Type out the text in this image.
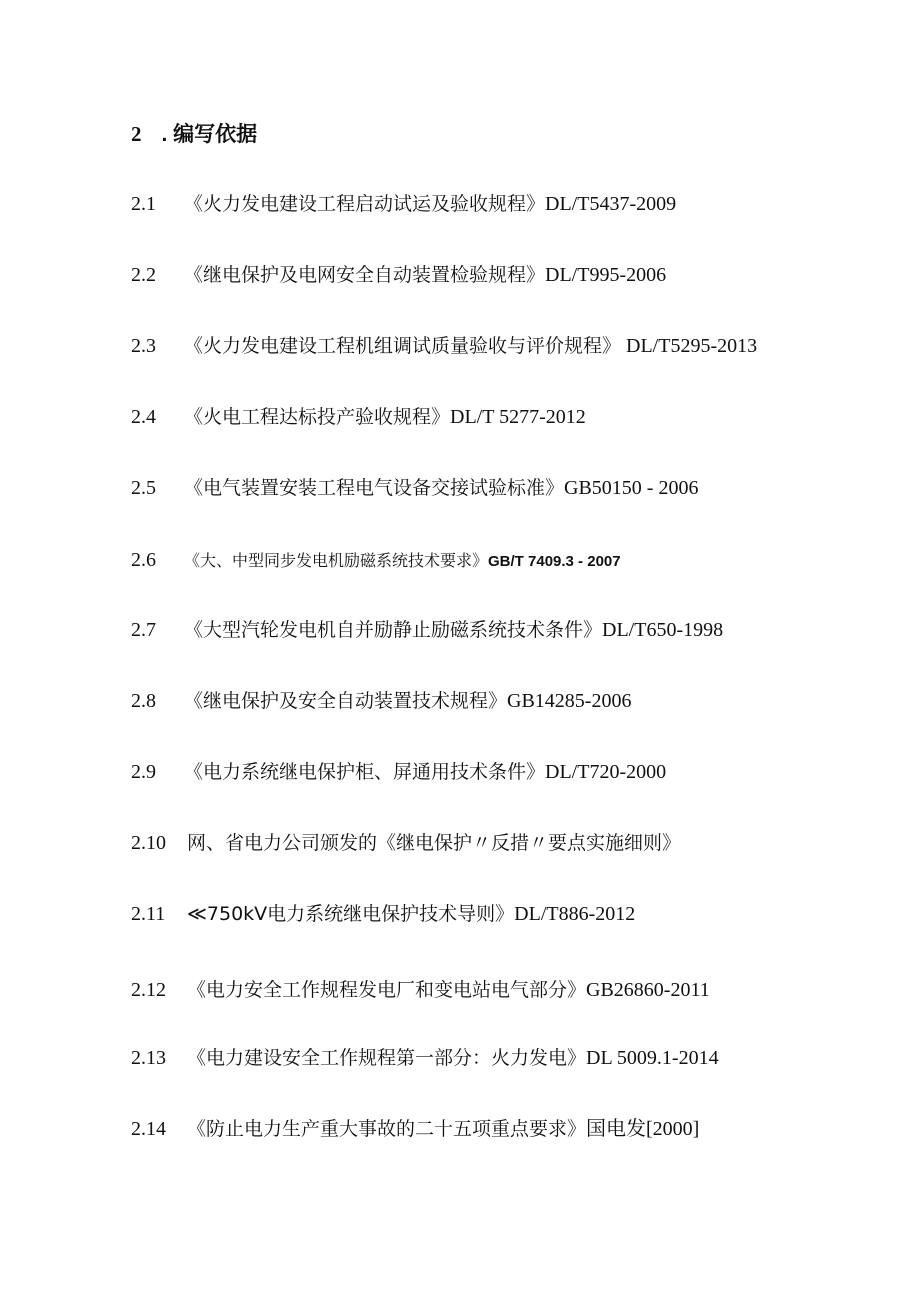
2 . 编写依据
2.1 《火力发电建设工程启动试运及验收规程》DL/T5437-2009
2.2 《继电保护及电网安全自动装置检验规程》DL/T995-2006
2.3 《火力发电建设工程机组调试质量验收与评价规程》 DL/T5295-2013
2.4 《火电工程达标投产验收规程》DL/T 5277-2012
2.5 《电气装置安装工程电气设备交接试验标准》GB50150 - 2006
2.6 《大、中型同步发电机励磁系统技术要求》GB/T 7409.3 - 2007
2.7 《大型汽轮发电机自并励静止励磁系统技术条件》DL/T650-1998
2.8 《继电保护及安全自动装置技术规程》GB14285-2006
2.9 《电力系统继电保护柜、屏通用技术条件》DL/T720-2000
2.10 网、省电力公司颁发的《继电保护〃反措〃要点实施细则》
2.11 ≪750kV电力系统继电保护技术导则》DL/T886-2012
2.12 《电力安全工作规程发电厂和变电站电气部分》GB26860-2011
2.13 《电力建设安全工作规程第一部分：火力发电》DL 5009.1-2014
2.14 《防止电力生产重大事故的二十五项重点要求》国电发[2000]
